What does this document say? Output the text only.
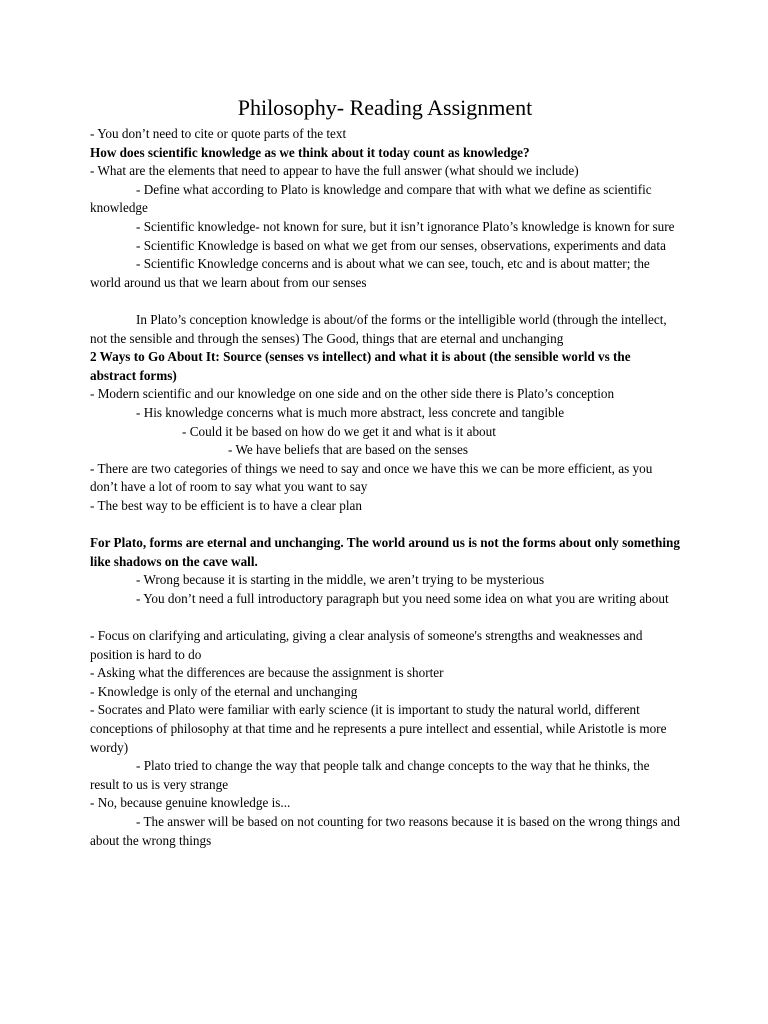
Philosophy- Reading Assignment

- You don’t need to cite or quote parts of the text

How does scientific knowledge as we think about it today count as knowledge?

- What are the elements that need to appear to have the full answer (what should we include)

- Define what according to Plato is knowledge and compare that with what we define as scientific knowledge

- Scientific knowledge- not known for sure, but it isn’t ignorance Plato’s knowledge is known for sure

- Scientific Knowledge is based on what we get from our senses, observations, experiments and data

- Scientific Knowledge concerns and is about what we can see, touch, etc and is about matter; the world around us that we learn about from our senses

In Plato’s conception knowledge is about/of the forms or the intelligible world (through the intellect, not the sensible and through the senses) The Good, things that are eternal and unchanging

2 Ways to Go About It: Source (senses vs intellect) and what it is about (the sensible world vs the abstract forms)

- Modern scientific and our knowledge on one side and on the other side there is Plato’s conception

- His knowledge concerns what is much more abstract, less concrete and tangible

- Could it be based on how do we get it and what is it about

- We have beliefs that are based on the senses

- There are two categories of things we need to say and once we have this we can be more efficient, as you don’t have a lot of room to say what you want to say

- The best way to be efficient is to have a clear plan

For Plato, forms are eternal and unchanging. The world around us is not the forms about only something like shadows on the cave wall.

- Wrong because it is starting in the middle, we aren’t trying to be mysterious

- You don’t need a full introductory paragraph but you need some idea on what you are writing about

- Focus on clarifying and articulating, giving a clear analysis of someone's strengths and weaknesses and position is hard to do

- Asking what the differences are because the assignment is shorter

- Knowledge is only of the eternal and unchanging

- Socrates and Plato were familiar with early science (it is important to study the natural world, different conceptions of philosophy at that time and he represents a pure intellect and essential, while Aristotle is more wordy)

- Plato tried to change the way that people talk and change concepts to the way that he thinks, the result to us is very strange

- No, because genuine knowledge is...

- The answer will be based on not counting for two reasons because it is based on the wrong things and about the wrong things
